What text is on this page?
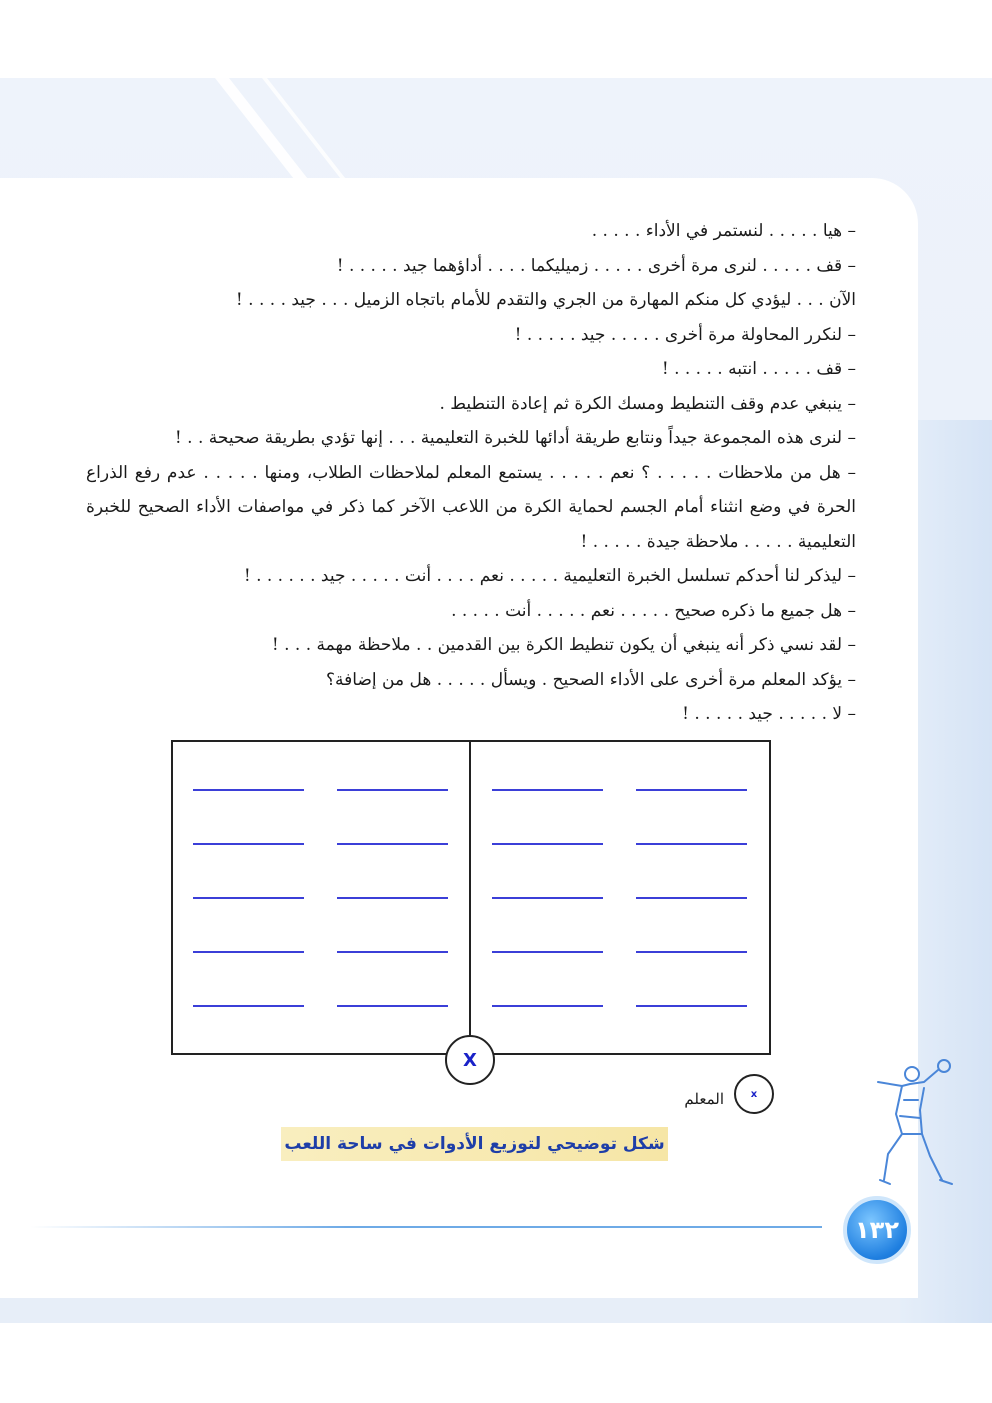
– هيا . . . . . لنستمر في الأداء . . . . .

– قف . . . . . لنرى مرة أخرى . . . . . زميليكما . . . . أداؤهما جيد . . . . . !

الآن . . . ليؤدي كل منكم المهارة من الجري والتقدم للأمام باتجاه الزميل . . . جيد . . . . !

– لنكرر المحاولة مرة أخرى . . . . . جيد . . . . . !

– قف . . . . . انتبه . . . . . !

– ينبغي عدم وقف التنطيط ومسك الكرة ثم إعادة التنطيط .

– لنرى هذه المجموعة جيداً ونتابع طريقة أدائها للخبرة التعليمية . . . إنها تؤدي بطريقة صحيحة . . !

– هل من ملاحظات . . . . . ؟ نعم . . . . . يستمع المعلم لملاحظات الطلاب، ومنها . . . . . عدم رفع الذراع الحرة في وضع انثناء أمام الجسم لحماية الكرة من اللاعب الآخر كما ذكر في مواصفات الأداء الصحيح للخبرة التعليمية . . . . . ملاحظة جيدة . . . . . !

– ليذكر لنا أحدكم تسلسل الخبرة التعليمية . . . . . نعم . . . . أنت . . . . . جيد . . . . . . !

– هل جميع ما ذكره صحيح . . . . . نعم . . . . . أنت . . . . .

– لقد نسي ذكر أنه ينبغي أن يكون تنطيط الكرة بين القدمين . . ملاحظة مهمة . . . !

– يؤكد المعلم مرة أخرى على الأداء الصحيح . ويسأل . . . . . هل من إضافة؟

– لا . . . . . جيد . . . . . !

X
x
المعلم
شكل توضيحي لتوزيع الأدوات في ساحة اللعب
١٣٢
